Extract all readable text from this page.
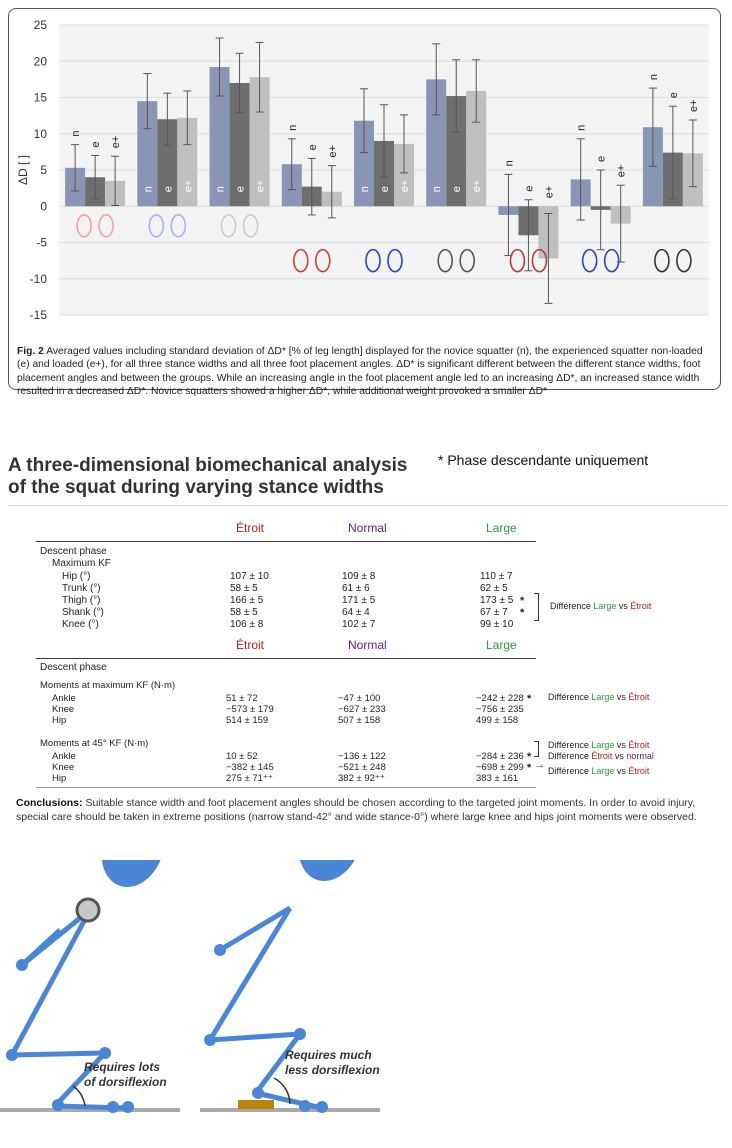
-15
-10
-5
0
5
10
15
20
25
ΔD [ ]
n
e e+
n e e+ n e e+
n
e e+
n e e+ n e e+
n
e e+
n
e
e+
n
e
e+
Fig. 2 Averaged values including standard deviation of ΔD* [% of leg length] displayed for the novice squatter (n), the experienced squatter non-loaded (e) and loaded (e+), for all three stance widths and all three foot placement angles. ΔD* is significant different between the different stance widths, foot placement angles and between the groups. While an increasing angle in the foot placement angle led to an increasing ΔD*, an increased stance width resulted in a decreased ΔD*. Novice squatters showed a higher ΔD*, while additional weight provoked a smaller ΔD*
A three-dimensional biomechanical analysis of the squat during varying stance widths
* Phase descendante uniquement
Conclusions: Suitable stance width and foot placement angles should be chosen according to the targeted joint moments. In order to avoid injury, special care should be taken in extreme positions (narrow stand-42° and wide stance-0°) where large knee and hips joint moments were observed.
Requires lots
of dorsiflexion
Requires much
less dorsiflexion
Étroit	Normal	Large
Descent phase
Maximum KF
Hip (°)	107 ± 10	109 ± 8	110 ± 7
Trunk (°)	58 ± 5	61 ± 6	62 ± 5
Thigh (°)	166 ± 5	171 ± 5	173 ± 5 *
Shank (°)	58 ± 5	64 ± 4	67 ± 7 *
Knee (°)	106 ± 8	102 ± 7	99 ± 10
Différence Large vs Étroit
Étroit	Normal	Large
Descent phase
Moments at maximum KF (N·m)
Ankle	51 ± 72	−47 ± 100	−242 ± 228 *
Knee	−573 ± 179	−627 ± 233	−756 ± 235
Hip	514 ± 159	507 ± 158	499 ± 158
Moments at 45° KF (N·m)
Ankle	10 ± 52	−136 ± 122	−284 ± 236 *
Knee	−382 ± 145	−521 ± 248	−698 ± 299 *
Hip	275 ± 71⁺⁺	382 ± 92⁺⁺	383 ± 161
Différence Large vs Étroit
Différence Large vs Étroit
Différence Étroit vs normal
Différence Large vs Étroit
→
